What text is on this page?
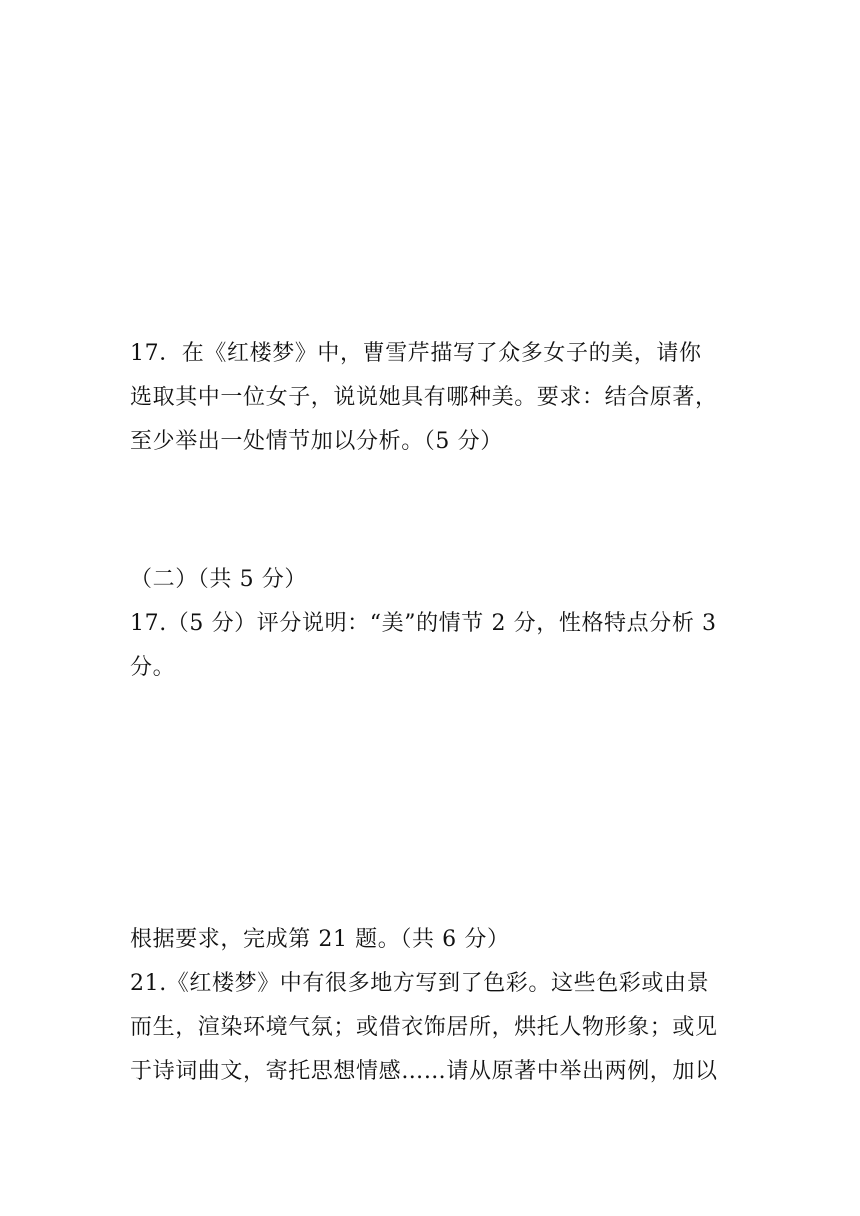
17．在《红楼梦》中，曹雪芹描写了众多女子的美，请你
选取其中一位女子，说说她具有哪种美。要求：结合原著，
至少举出一处情节加以分析。（5 分）
（二）（共 5 分）
17.（5 分）评分说明：“美”的情节 2 分，性格特点分析 3
分。
根据要求，完成第 21 题。（共 6 分）
21.《红楼梦》中有很多地方写到了色彩。这些色彩或由景
而生，渲染环境气氛；或借衣饰居所，烘托人物形象；或见
于诗词曲文，寄托思想情感……请从原著中举出两例，加以
